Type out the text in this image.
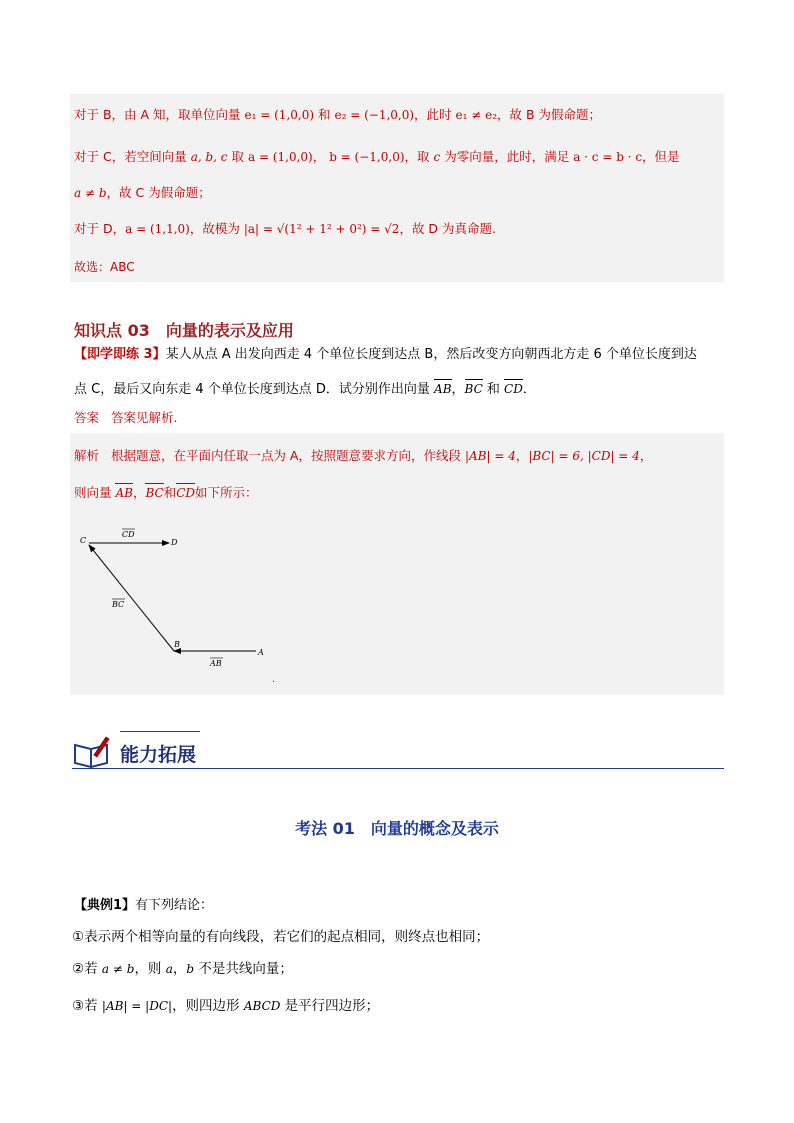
对于 B，由 A 知，取单位向量 e₁ = (1,0,0) 和 e₂ = (−1,0,0)，此时 e₁ ≠ e₂，故 B 为假命题；
对于 C，若空间向量 a, b, c 取 a = (1,0,0)， b = (−1,0,0)，取 c 为零向量，此时，满足 a · c = b · c，但是
a ≠ b，故 C 为假命题；
对于 D，a = (1,1,0)，故模为 |a| = √(1² + 1² + 0²) = √2，故 D 为真命题.
故选：ABC
知识点 03　向量的表示及应用
【即学即练 3】某人从点 A 出发向西走 4 个单位长度到达点 B，然后改变方向朝西北方走 6 个单位长度到达
点 C，最后又向东走 4 个单位长度到达点 D．试分别作出向量 AB，BC 和 CD．
答案 答案见解析.
解析 根据题意，在平面内任取一点为 A，按照题意要求方向，作线段 |AB| = 4，|BC| = 6, |CD| = 4，
则向量 AB，BC和CD如下所示：
C	D
B
A
CD
BC
AB
.
能力拓展
考法 01　向量的概念及表示
【典例1】有下列结论：
①表示两个相等向量的有向线段，若它们的起点相同，则终点也相同；
②若 a ≠ b，则 a，b 不是共线向量；
③若 |AB| = |DC|，则四边形 ABCD 是平行四边形；
